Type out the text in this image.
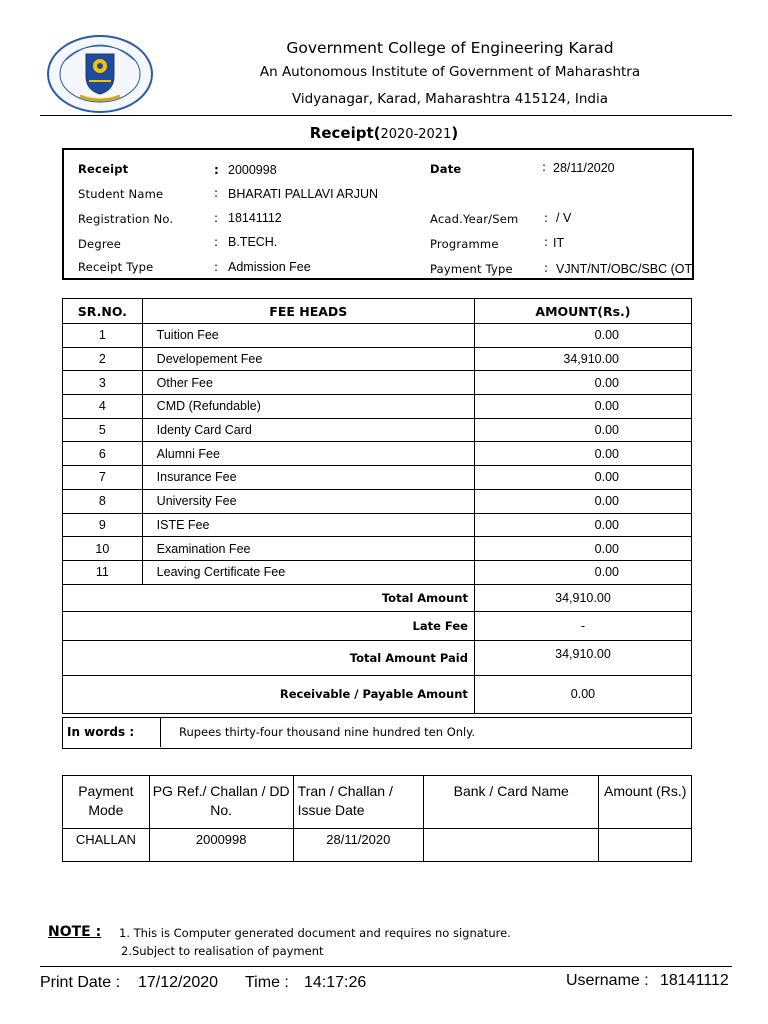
Government College of Engineering Karad
An Autonomous Institute of Government of Maharashtra
Vidyanagar, Karad, Maharashtra 415124, India
Receipt(2020-2021)
Receipt	: 2000998
Student Name	: BHARATI PALLAVI ARJUN
Registration No.	: 18141112
Degree	: B.TECH.
Receipt Type	: Admission Fee
Date	: 28/11/2020
Acad.Year/Sem : / V
Programme	: IT
Payment Type	: VJNT/NT/OBC/SBC (OT
SR.NO.	FEE HEADS	AMOUNT(Rs.)
1	Tuition Fee	0.00
2	Developement Fee	34,910.00
3	Other Fee	0.00
4	CMD (Refundable)	0.00
5	Identy Card Card	0.00
6	Alumni Fee	0.00
7	Insurance Fee	0.00
8	University Fee	0.00
9	ISTE Fee	0.00
10	Examination Fee	0.00
11	Leaving Certificate Fee	0.00
Total Amount		34,910.00
Late Fee		-
Total Amount Paid		34,910.00
Receivable / Payable Amount		0.00
In words :	Rupees thirty-four thousand nine hundred ten Only.
Payment Mode	PG Ref./ Challan / DD No.	Tran / Challan / Issue Date	Bank / Card Name	Amount (Rs.)
CHALLAN	2000998	28/11/2020		
NOTE : 1. This is Computer generated document and requires no signature.
2.Subject to realisation of payment
Print Date : 17/12/2020 Time : 14:17:26	Username : 18141112
